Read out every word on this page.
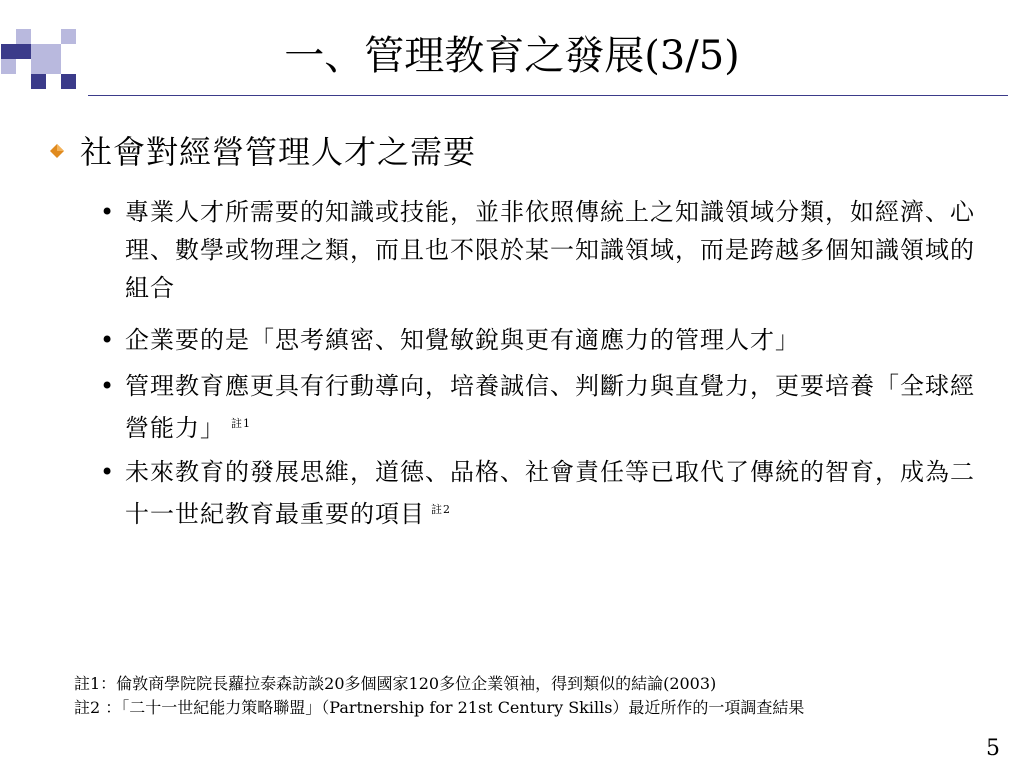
一、管理教育之發展(3/5)
社會對經營管理人才之需要
• 專業人才所需要的知識或技能，並非依照傳統上之知識領域分類，如經濟、心理、數學或物理之類，而且也不限於某一知識領域，而是跨越多個知識領域的組合
• 企業要的是「思考縝密、知覺敏銳與更有適應力的管理人才」
• 管理教育應更具有行動導向，培養誠信、判斷力與直覺力，更要培養「全球經營能力」 $^{註1}$
• 未來教育的發展思維，道德、品格、社會責任等已取代了傳統的智育，成為二十一世紀教育最重要的項目 $^{註2}$
註1：倫敦商學院院長蘿拉泰森訪談20多個國家120多位企業領袖，得到類似的結論(2003)
註2 ：「二十一世紀能力策略聯盟」（Partnership for 21st Century Skills）最近所作的一項調查結果
5
